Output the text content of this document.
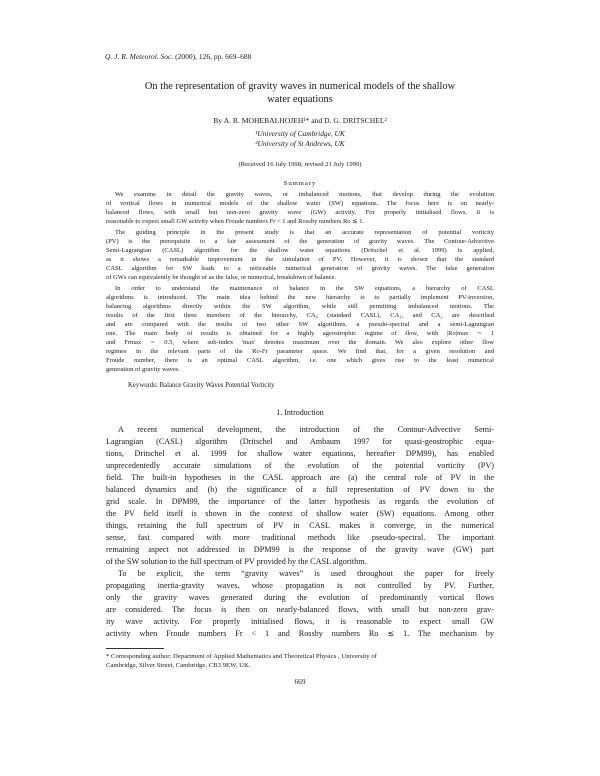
Q. J. R. Meteorol. Soc. (2000), 126, pp. 669–688
On the representation of gravity waves in numerical models of the shallow
water equations
By A. R. MOHEBALHOJEH¹* and D. G. DRITSCHEL²
¹University of Cambridge, UK
²University of St Andrews, UK
(Received 16 July 1998; revised 21 July 1999)
Summary
We examine in detail the gravity waves, or imbalanced motions, that develop during the evolution
of vortical flows in numerical models of the shallow water (SW) equations. The focus here is on nearly-
balanced flows, with small but non-zero gravity wave (GW) activity. For properly initialised flows, it is
reasonable to expect small GW activity when Froude numbers Fr < 1 and Rossby numbers Ro ≲ 1.
The guiding principle in the present study is that an accurate representation of potential vorticity
(PV) is the prerequisite to a fair assessment of the generation of gravity waves. The Contour-Advective
Semi-Lagrangian (CASL) algorithm for the shallow water equations (Dritschel et al. 1999) is applied,
as it shows a remarkable improvement in the simulation of PV. However, it is shown that the standard
CASL algorithm for SW leads to a noticeable numerical generation of gravity waves. The false generation
of GWs can equivalently be thought of as the false, or numerical, breakdown of balance.
In order to understand the maintenance of balance in the SW equations, a hierarchy of CASL
algorithms is introduced. The main idea behind the new hierarchy is to partially implement PV-inversion,
balancing algorithms directly within the SW algorithm, while still permitting imbalanced motions. The
results of the first three members of the hierarchy, CA₀ (standard CASL), CA₁, and CA₂ are described
and are compared with the results of two other SW algorithms, a pseudo-spectral and a semi-Lagrangian
one. The main body of results is obtained for a highly ageostrophic regime of flow, with |Ro|max ∼ 1
and Frmax ∼ 0.5, where sub-index 'max' denotes maximum over the domain. We also explore other flow
regimes in the relevant parts of the Ro-Fr parameter space. We find that, for a given resolution and
Froude number, there is an optimal CASL algorithm, i.e. one which gives rise to the least numerical
generation of gravity waves.
Keywords: Balance Gravity Waves Potential Vorticity
1. Introduction
A recent numerical development, the introduction of the Contour-Advective Semi-
Lagrangian (CASL) algorithm (Dritschel and Ambaum 1997 for quasi-geostrophic equa-
tions, Dritschel et al. 1999 for shallow water equations, hereafter DPM99), has enabled
unprecedentedly accurate simulations of the evolution of the potential vorticity (PV)
field. The built-in hypotheses in the CASL approach are (a) the central role of PV in the
balanced dynamics and (b) the significance of a full representation of PV down to the
grid scale. In DPM99, the importance of the latter hypothesis as regards the evolution of
the PV field itself is shown in the context of shallow water (SW) equations. Among other
things, retaining the full spectrum of PV in CASL makes it converge, in the numerical
sense, fast compared with more traditional methods like pseudo-spectral. The important
remaining aspect not addressed in DPM99 is the response of the gravity wave (GW) part
of the SW solution to the full spectrum of PV provided by the CASL algorithm.
To be explicit, the term “gravity waves” is used throughout the paper for freely
propagating inertia-gravity waves, whose propagation is not controlled by PV. Further,
only the gravity waves generated during the evolution of predominantly vortical flows
are considered. The focus is then on nearly-balanced flows, with small but non-zero grav-
ity wave activity. For properly initialised flows, it is reasonable to expect small GW
activity when Froude numbers Fr < 1 and Rossby numbers Ro ≲ 1. The mechanism by
* Corresponding author: Department of Applied Mathematics and Theoretical Physics , University of
Cambridge, Silver Street, Cambridge, CB3 9EW, UK.
669
